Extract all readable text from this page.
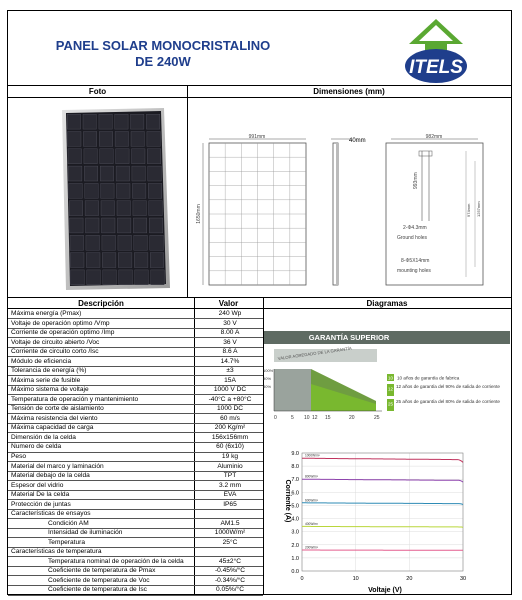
PANEL SOLAR MONOCRISTALINO
DE 240W	ITELS
Foto	Dimensiones (mm)
Descripción	Valor	Diagramas
991mm
1650mm
40mm
982mm
993mm
2-Φ4.3mm
Ground holes
8-Φ5X14mm
mounting holes
974mm 1257mm
Máxima energía (Pmax)	240 Wp
Voltaje de operación optimo /Vmp	30 V
Corriente de operación optimo /Imp	8.00 A
Voltaje de circuito abierto /Voc	36 V
Corriente de circuito corto /Isc	8.6 A
Módulo de eficiencia	14.7%
Tolerancia de energía (%)	±3
Máxima serie de fusible	15A
Máximo sistema de voltaje	1000 V DC
Temperatura de operación y mantenimiento	-40°C a +80°C
Tensión de corte de aislamiento	1000 DC
Máxima resistencia del viento	60 m/s
Máxima capacidad de carga	200 Kg/m²
Dimensión de la celda	156x156mm
Numero de celda	60 (6x10)
Peso	19 kg
Material del marco y laminación	Aluminio
Material debajo de la celda	TPT
Espesor del vidrio	3.2 mm
Material De la celda	EVA
Protección de juntas	IP65
Características de ensayos
Condición AM	AM1.5
Intensidad de iluminación	1000W/m²
Temperatura	25°C
Características de temperatura
Temperatura nominal de operación de la celda	45±2°C
Coeficiente de temperatura de Pmax	-0.45%/°C
Coeficiente de temperatura de Voc	-0.34%/°C
Coeficiente de temperatura de Isc	0.05%/°C
GARANTÍA SUPERIOR
VALOR AGREGADO DE LA GARANTÍA
100%
90%
80%
0	5 10 12 15	20	25
10 10 años de garantía de fabrica
12
12 años de garantía del 90% de salida de corriente
25
25 años de garantía del 80% de salida de corriente
1000W/m²
800W/m²
600W/m²
400W/m²
200W/m²
0.0
1.0
2.0
3.0
4.0
5.0
6.0
7.0
8.0
9.0
0	10	20	30
Corriente (A)
Voltaje (V)
